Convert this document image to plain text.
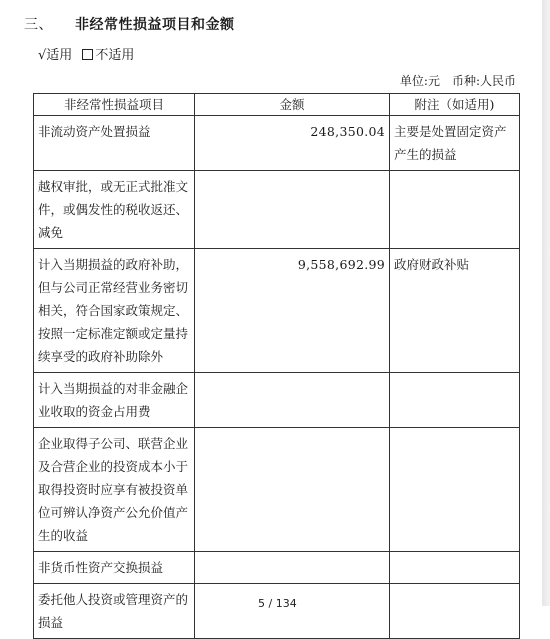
三、 非经常性损益项目和金额
√适用 不适用
单位:元 币种:人民币
非经常性损益项目	金额	附注（如适用)
非流动资产处置损益	248,350.04	主要是处置固定资产产生的损益
越权审批，或无正式批准文件，或偶发性的税收返还、减免		
计入当期损益的政府补助，但与公司正常经营业务密切相关，符合国家政策规定、按照一定标准定额或定量持续享受的政府补助除外	9,558,692.99	政府财政补贴
计入当期损益的对非金融企业收取的资金占用费		
企业取得子公司、联营企业及合营企业的投资成本小于取得投资时应享有被投资单位可辨认净资产公允价值产生的收益		
非货币性资产交换损益		
委托他人投资或管理资产的损益		
5 / 134
